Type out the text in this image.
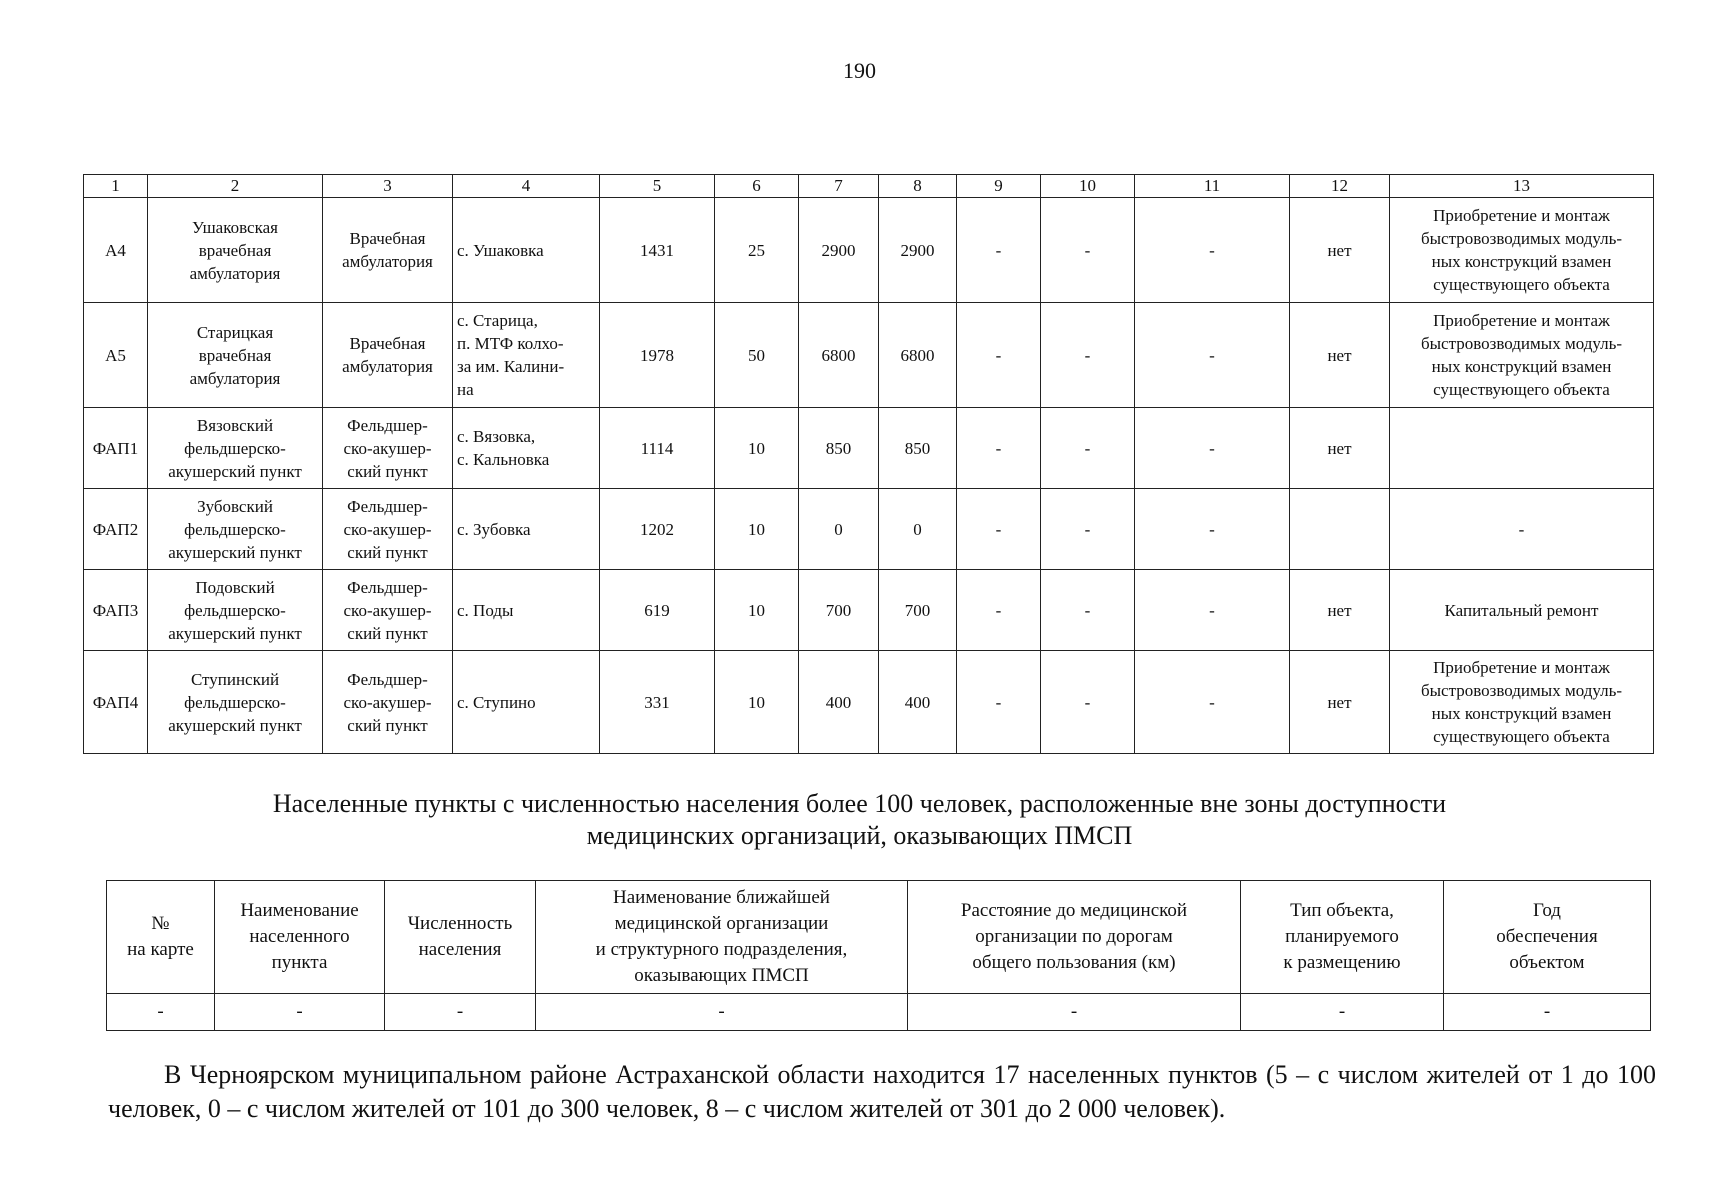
190
1	2	3	4	5	6	7	8	9	10	11	12	13
А4	Ушаковская
врачебная
амбулатория	Врачебная
амбулатория	с. Ушаковка	1431	25	2900	2900	-	-	-	нет	Приобретение и монтаж
быстровозводимых модуль-
ных конструкций взамен
существующего объекта

А5	Старицкая
врачебная
амбулатория	Врачебная
амбулатория	с. Старица,
п. МТФ колхо-
за им. Калини-
на	1978	50	6800	6800	-	-	-	нет	Приобретение и монтаж
быстровозводимых модуль-
ных конструкций взамен
существующего объекта

ФАП1	Вязовский
фельдшерско-
акушерский пункт	Фельдшер-
ско-акушер-
ский пункт	с. Вязовка,
с. Кальновка	1114	10	850	850	-	-	-	нет	

ФАП2	Зубовский
фельдшерско-
акушерский пункт	Фельдшер-
ско-акушер-
ский пункт	с. Зубовка	1202	10	0	0	-	-	-		-

ФАП3	Подовский
фельдшерско-
акушерский пункт	Фельдшер-
ско-акушер-
ский пункт	с. Поды	619	10	700	700	-	-	-	нет	Капитальный ремонт

ФАП4	Ступинский
фельдшерско-
акушерский пункт	Фельдшер-
ско-акушер-
ский пункт	с. Ступино	331	10	400	400	-	-	-	нет	Приобретение и монтаж
быстровозводимых модуль-
ных конструкций взамен
существующего объекта
Населенные пункты с численностью населения более 100 человек, расположенные вне зоны доступности
медицинских организаций, оказывающих ПМСП
№
на карте	Наименование
населенного
пункта	Численность
населения	Наименование ближайшей
медицинской организации
и структурного подразделения,
оказывающих ПМСП	Расстояние до медицинской
организации по дорогам
общего пользования (км)	Тип объекта,
планируемого
к размещению	Год
обеспечения
объектом

-	-	-	-	-	-	-

В Черноярском муниципальном районе Астраханской области находится 17 населенных пунктов (5 – с числом жителей от 1 до 100 человек, 0 – с числом жителей от 101 до 300 человек, 8 – с числом жителей от 301 до 2 000 человек).
